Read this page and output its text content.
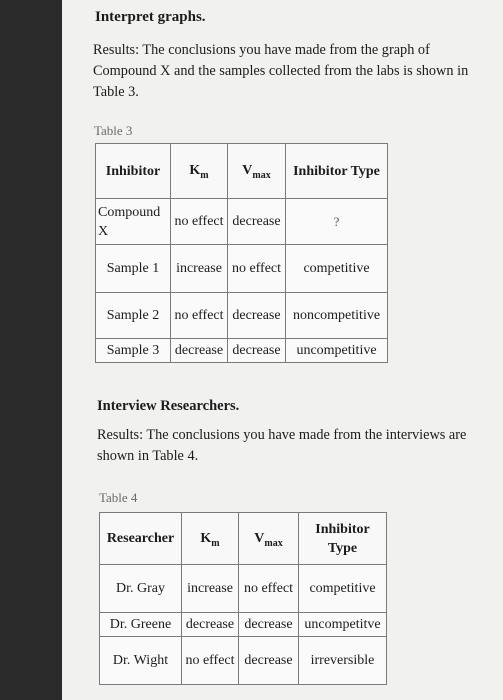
Interpret graphs.

Results: The conclusions you have made from the graph of Compound X and the samples collected from the labs is shown in Table 3.

Table 3
Inhibitor	$K_m$	$V_{max}$	Inhibitor Type
Compound X	no effect	decrease	?
Sample 1	increase	no effect	competitive
Sample 2	no effect	decrease	noncompetitive
Sample 3	decrease	decrease	uncompetitive
Interview Researchers.

Results: The conclusions you have made from the interviews are shown in Table 4.

Table 4
Researcher	$K_m$	$V_{max}$	Inhibitor Type
Dr. Gray	increase	no effect	competitive
Dr. Greene	decrease	decrease	uncompetitve
Dr. Wight	no effect	decrease	irreversible
